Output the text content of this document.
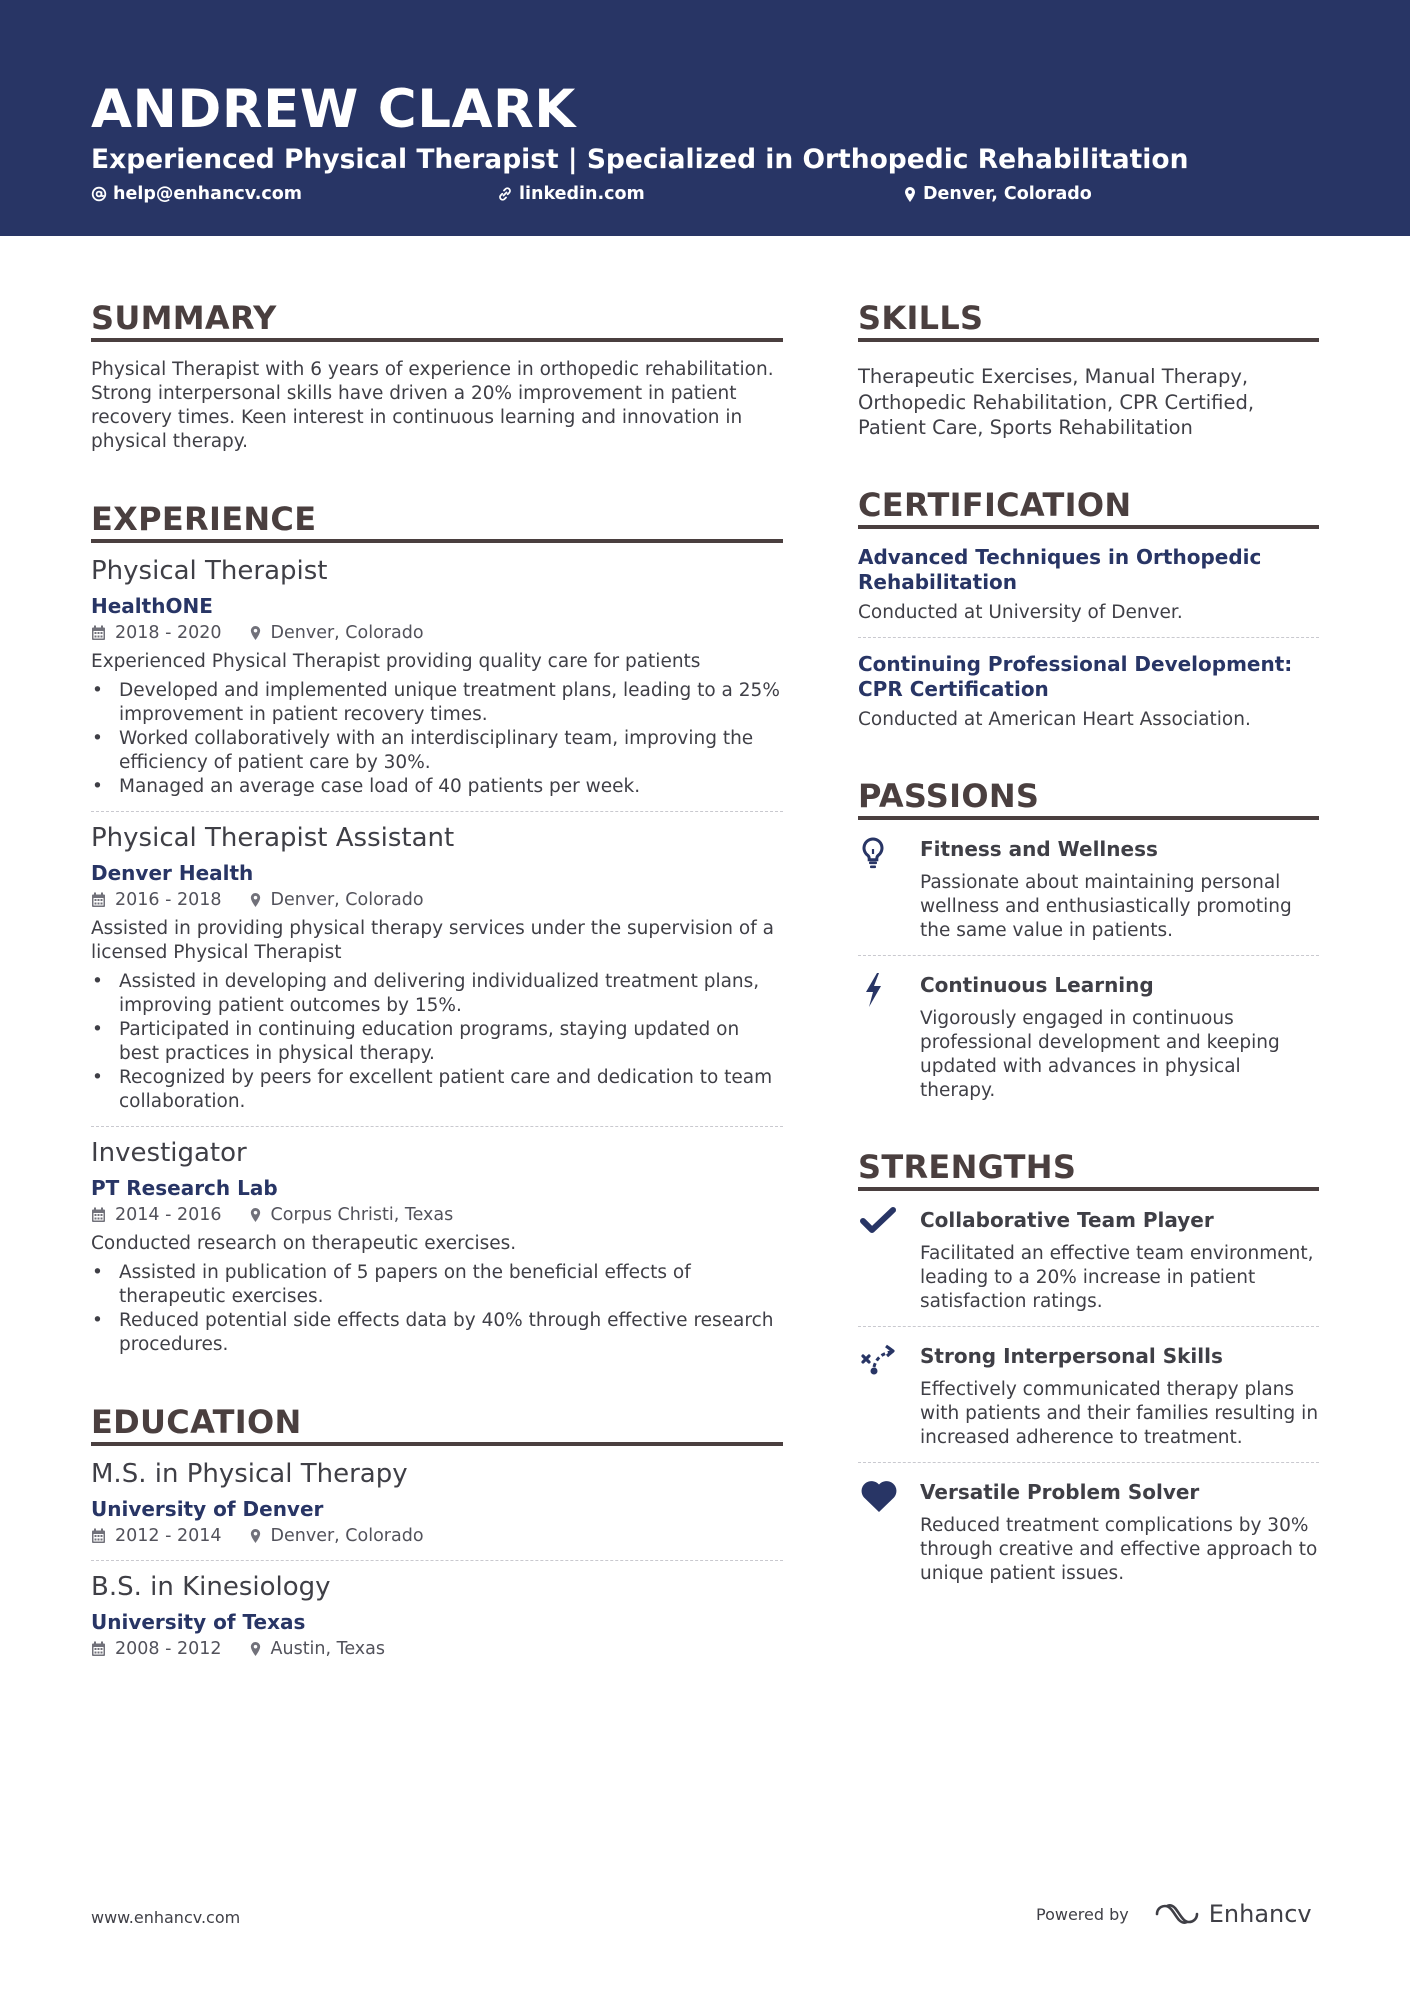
ANDREW CLARK
Experienced Physical Therapist | Specialized in Orthopedic Rehabilitation
help@enhancv.com	linkedin.com	Denver, Colorado
SUMMARY
Physical Therapist with 6 years of experience in orthopedic rehabilitation. Strong interpersonal skills have driven a 20% improvement in patient recovery times. Keen interest in continuous learning and innovation in physical therapy.
EXPERIENCE
Physical Therapist
HealthONE
2018 - 2020	Denver, Colorado
Experienced Physical Therapist providing quality care for patients
• Developed and implemented unique treatment plans, leading to a 25% improvement in patient recovery times.
• Worked collaboratively with an interdisciplinary team, improving the efficiency of patient care by 30%.
• Managed an average case load of 40 patients per week.
Physical Therapist Assistant
Denver Health
2016 - 2018	Denver, Colorado
Assisted in providing physical therapy services under the supervision of a licensed Physical Therapist
• Assisted in developing and delivering individualized treatment plans, improving patient outcomes by 15%.
• Participated in continuing education programs, staying updated on best practices in physical therapy.
• Recognized by peers for excellent patient care and dedication to team collaboration.
Investigator
PT Research Lab
2014 - 2016	Corpus Christi, Texas
Conducted research on therapeutic exercises.
• Assisted in publication of 5 papers on the beneficial effects of therapeutic exercises.
• Reduced potential side effects data by 40% through effective research procedures.
EDUCATION
M.S. in Physical Therapy
University of Denver
2012 - 2014	Denver, Colorado
B.S. in Kinesiology
University of Texas
2008 - 2012	Austin, Texas
SKILLS
Therapeutic Exercises, Manual Therapy, Orthopedic Rehabilitation, CPR Certified, Patient Care, Sports Rehabilitation
CERTIFICATION
Advanced Techniques in Orthopedic Rehabilitation
Conducted at University of Denver.
Continuing Professional Development: CPR Certification
Conducted at American Heart Association.
PASSIONS
Fitness and Wellness
Passionate about maintaining personal wellness and enthusiastically promoting the same value in patients.
Continuous Learning
Vigorously engaged in continuous professional development and keeping updated with advances in physical therapy.
STRENGTHS
Collaborative Team Player
Facilitated an effective team environment, leading to a 20% increase in patient satisfaction ratings.
Strong Interpersonal Skills
Effectively communicated therapy plans with patients and their families resulting in increased adherence to treatment.
Versatile Problem Solver
Reduced treatment complications by 30% through creative and effective approach to unique patient issues.
www.enhancv.com	Powered by	Enhancv
